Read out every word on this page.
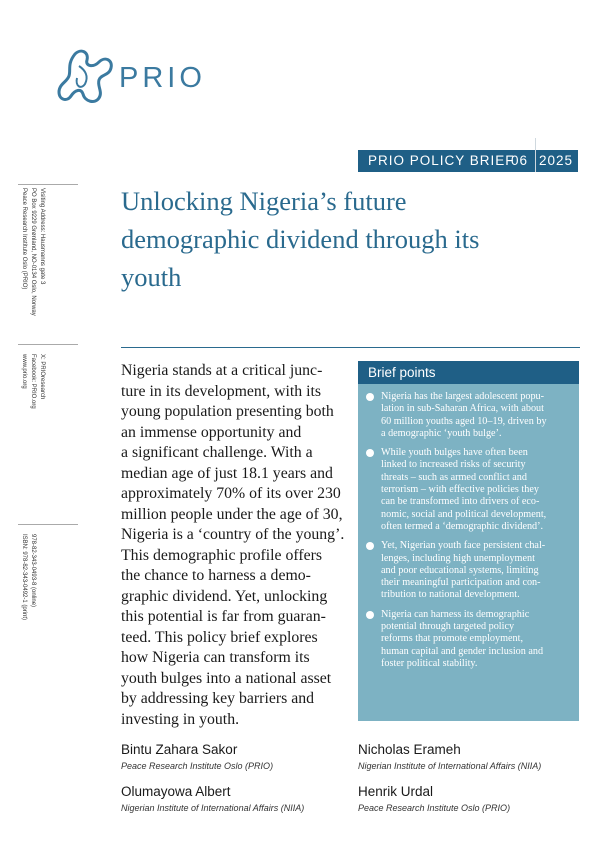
PRIO
PRIO POLICY BRIEF
06 2025
Unlocking Nigeria’s future demographic dividend through its youth
Peace Research Institute Oslo (PRIO) PO Box 9229 Grønland, NO-0134 Oslo, Norway Visiting Address: Hausmanns gate 3
www.prio.org Facebook: PRIO.org X: PRIOresearch
ISBN: 978-82-343-0492-1 (print) 978-82-343-0493-8 (online)

Nigeria stands at a critical junc-
ture in its development, with its
young population presenting both
an immense opportunity and
a significant challenge. With a
median age of just 18.1 years and
approximately 70% of its over 230
million people under the age of 30,
Nigeria is a ‘country of the young’.
This demographic profile offers
the chance to harness a demo-
graphic dividend. Yet, unlocking
this potential is far from guaran-
teed. This policy brief explores
how Nigeria can transform its
youth bulges into a national asset
by addressing key barriers and
investing in youth.

Brief points
Nigeria has the largest adolescent popu-
lation in sub-Saharan Africa, with about
60 million youths aged 10–19, driven by
a demographic ‘youth bulge’.
While youth bulges have often been
linked to increased risks of security
threats – such as armed conflict and
terrorism – with effective policies they
can be transformed into drivers of eco-
nomic, social and political development,
often termed a ‘demographic dividend’.
Yet, Nigerian youth face persistent chal-
lenges, including high unemployment
and poor educational systems, limiting
their meaningful participation and con-
tribution to national development.
Nigeria can harness its demographic
potential through targeted policy
reforms that promote employment,
human capital and gender inclusion and
foster political stability.
Bintu Zahara Sakor
Peace Research Institute Oslo (PRIO)
Nicholas Erameh
Nigerian Institute of International Affairs (NIIA)
Olumayowa Albert
Nigerian Institute of International Affairs (NIIA)
Henrik Urdal
Peace Research Institute Oslo (PRIO)
